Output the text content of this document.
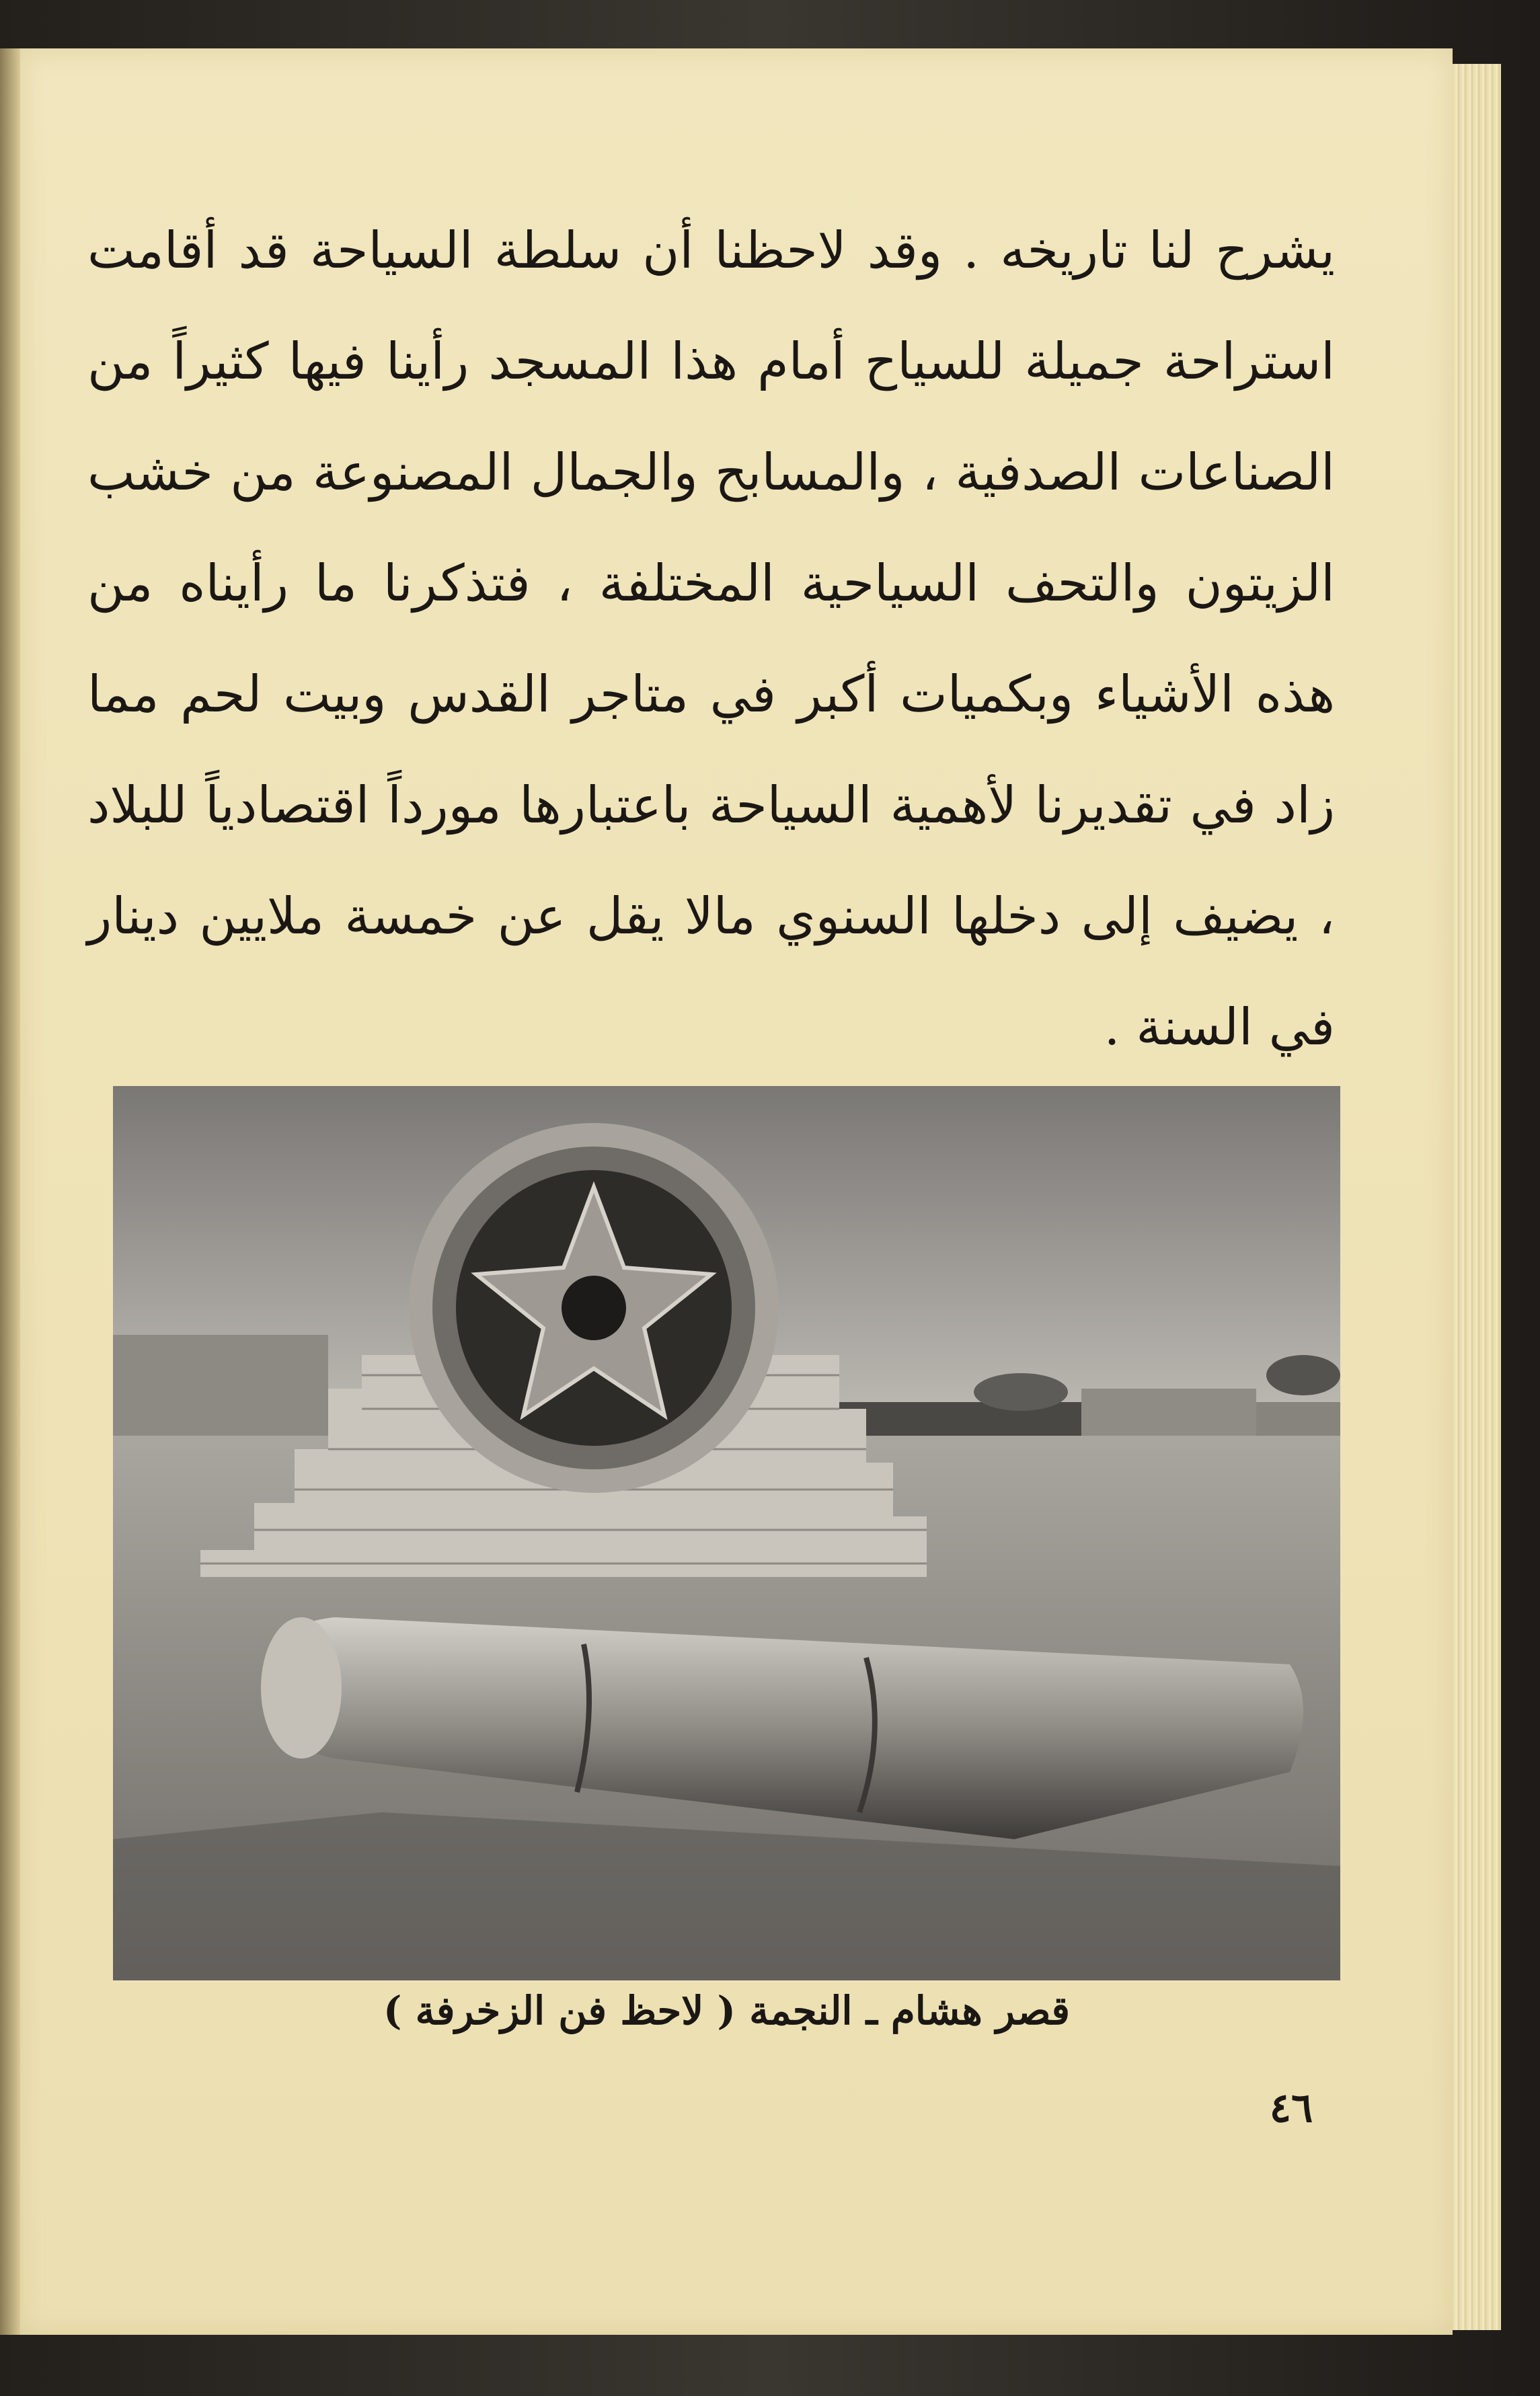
يشرح لنا تاريخه . وقد لاحظنا أن سلطة السياحة قد أقامت استراحة جميلة للسياح أمام هذا المسجد رأينا فيها كثيراً من الصناعات الصدفية ، والمسابح والجمال المصنوعة من خشب الزيتون والتحف السياحية المختلفة ، فتذكرنا ما رأيناه من هذه الأشياء وبكميات أكبر في متاجر القدس وبيت لحم مما زاد في تقديرنا لأهمية السياحة باعتبارها مورداً اقتصادياً للبلاد ، يضيف إلى دخلها السنوي مالا يقل عن خمسة ملايين دينار في السنة .

قصر هشام ـ النجمة ( لاحظ فن الزخرفة )
٤٦
